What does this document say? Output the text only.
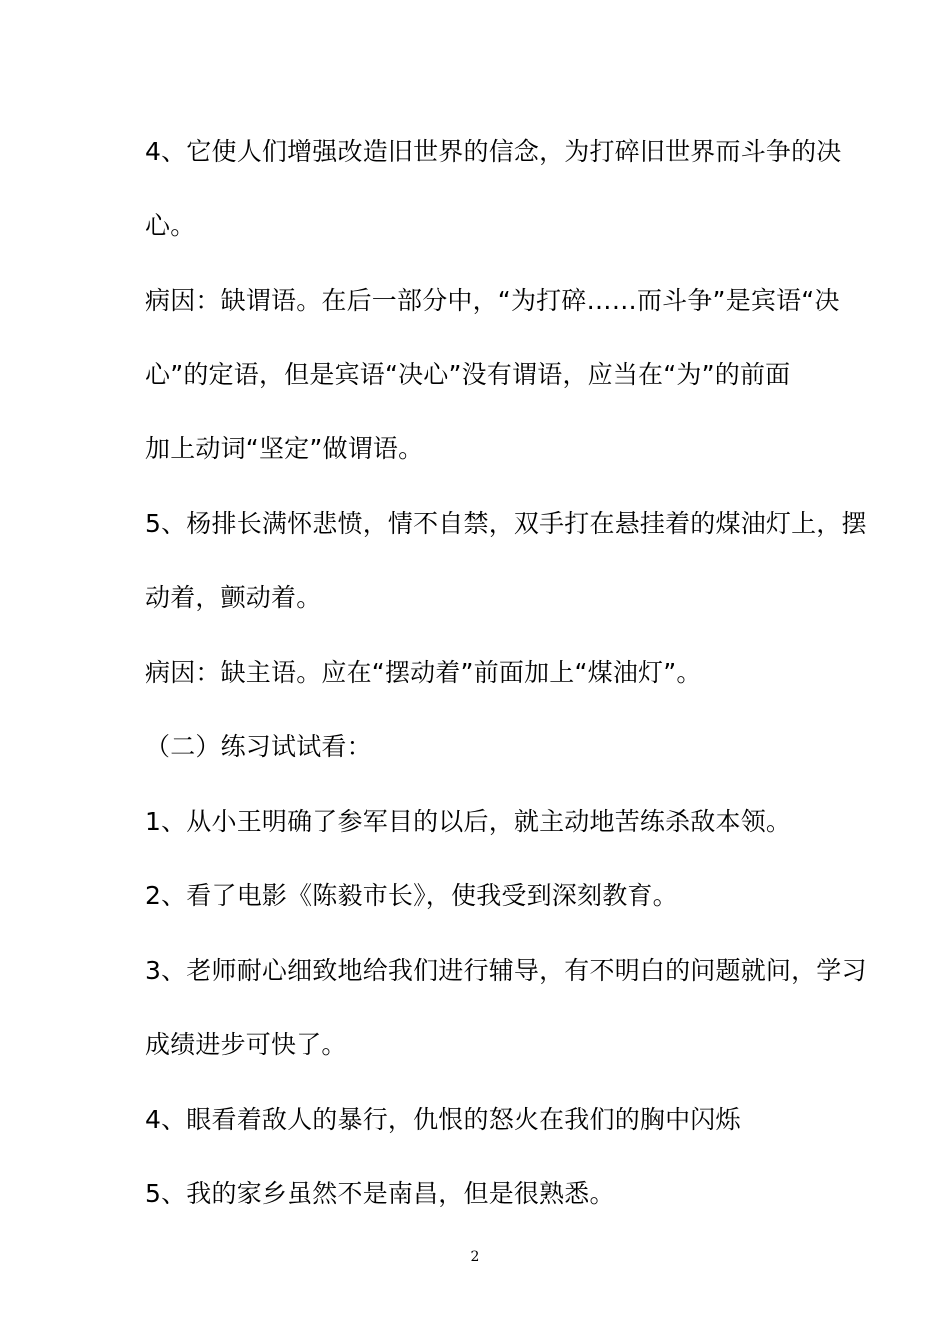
4、它使人们增强改造旧世界的信念，为打碎旧世界而斗争的决
心。
病因：缺谓语。在后一部分中，“为打碎……而斗争”是宾语“决
心”的定语，但是宾语“决心”没有谓语，应当在“为”的前面
加上动词“坚定”做谓语。
5、杨排长满怀悲愤，情不自禁，双手打在悬挂着的煤油灯上，摆
动着，颤动着。
病因：缺主语。应在“摆动着”前面加上“煤油灯”。
（二）练习试试看：
1、从小王明确了参军目的以后，就主动地苦练杀敌本领。
2、看了电影《陈毅市长》，使我受到深刻教育。
3、老师耐心细致地给我们进行辅导，有不明白的问题就问，学习
成绩进步可快了。
4、眼看着敌人的暴行，仇恨的怒火在我们的胸中闪烁
5、我的家乡虽然不是南昌，但是很熟悉。
2
